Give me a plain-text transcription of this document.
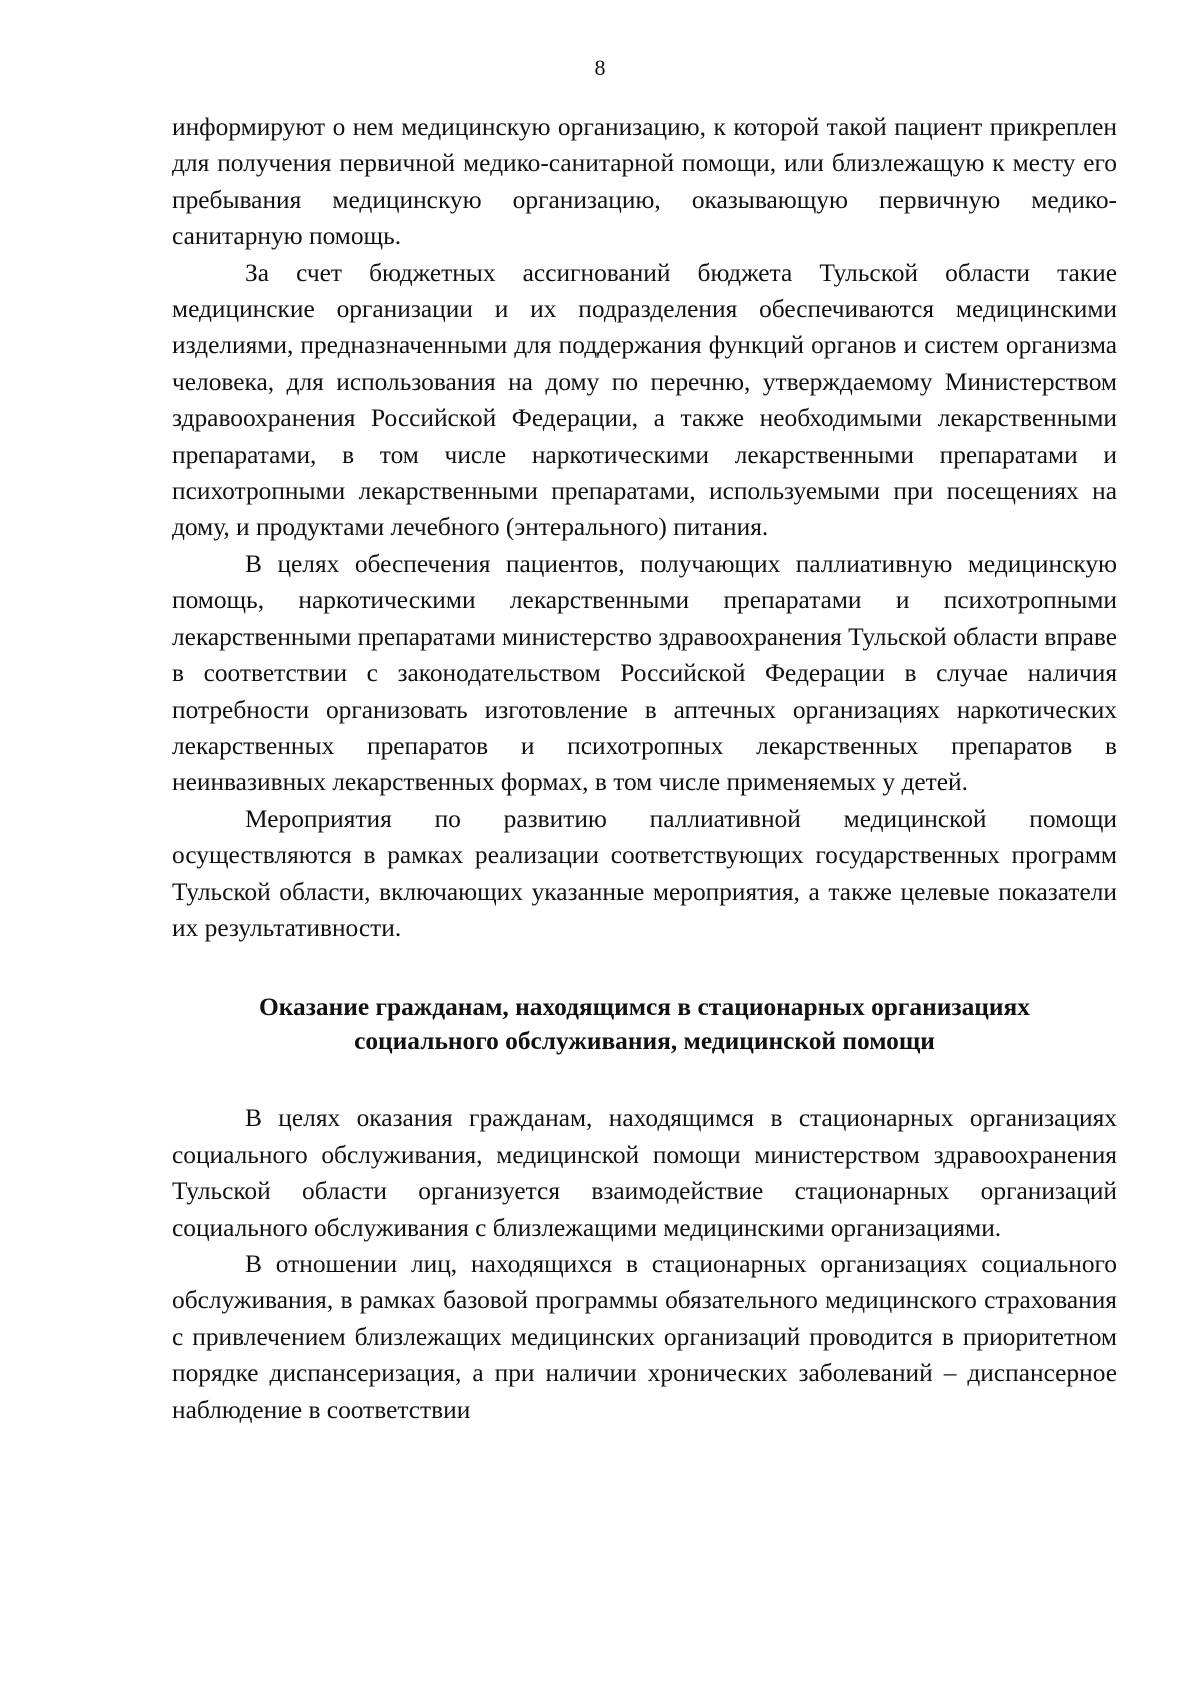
8

информируют о нем медицинскую организацию, к которой такой пациент прикреплен для получения первичной медико-санитарной помощи, или близлежащую к месту его пребывания медицинскую организацию, оказывающую первичную медико-санитарную помощь.

За счет бюджетных ассигнований бюджета Тульской области такие медицинские организации и их подразделения обеспечиваются медицинскими изделиями, предназначенными для поддержания функций органов и систем организма человека, для использования на дому по перечню, утверждаемому Министерством здравоохранения Российской Федерации, а также необходимыми лекарственными препаратами, в том числе наркотическими лекарственными препаратами и психотропными лекарственными препаратами, используемыми при посещениях на дому, и продуктами лечебного (энтерального) питания.

В целях обеспечения пациентов, получающих паллиативную медицинскую помощь, наркотическими лекарственными препаратами и психотропными лекарственными препаратами министерство здравоохранения Тульской области вправе в соответствии с законодательством Российской Федерации в случае наличия потребности организовать изготовление в аптечных организациях наркотических лекарственных препаратов и психотропных лекарственных препаратов в неинвазивных лекарственных формах, в том числе применяемых у детей.

Мероприятия по развитию паллиативной медицинской помощи осуществляются в рамках реализации соответствующих государственных программ Тульской области, включающих указанные мероприятия, а также целевые показатели их результативности.

Оказание гражданам, находящимся в стационарных организациях
социального обслуживания, медицинской помощи

В целях оказания гражданам, находящимся в стационарных организациях социального обслуживания, медицинской помощи министерством здравоохранения Тульской области организуется взаимодействие стационарных организаций социального обслуживания с близлежащими медицинскими организациями.

В отношении лиц, находящихся в стационарных организациях социального обслуживания, в рамках базовой программы обязательного медицинского страхования с привлечением близлежащих медицинских организаций проводится в приоритетном порядке диспансеризация, а при наличии хронических заболеваний – диспансерное наблюдение в соответствии
